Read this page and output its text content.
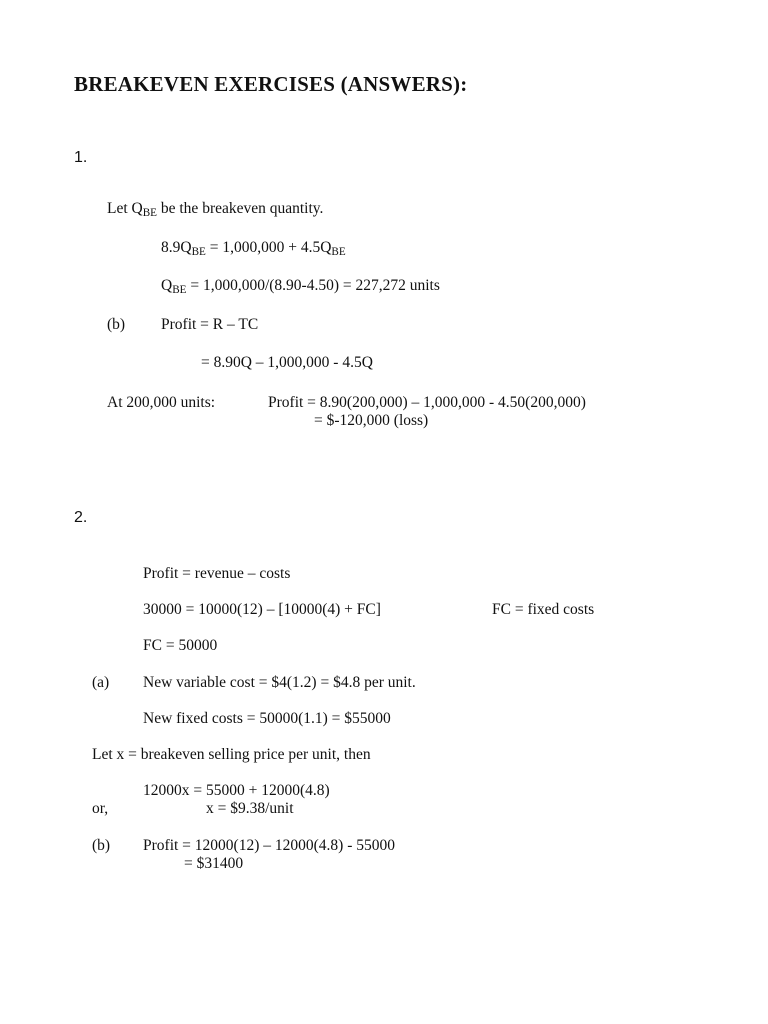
BREAKEVEN EXERCISES (ANSWERS):
1.
Let $Q_{BE}$ be the breakeven quantity.
$8.9Q_{BE} = 1,000,000 + 4.5Q_{BE}$
$Q_{BE} = 1,000,000/(8.90-4.50) = 227,272$ units
(b) Profit = R – TC
= 8.90Q – 1,000,000 - 4.5Q
At 200,000 units:	Profit = 8.90(200,000) – 1,000,000 - 4.50(200,000)
= $-120,000 (loss)
2.
Profit = revenue – costs
30000 = 10000(12) – [10000(4) + FC]	FC = fixed costs
FC = 50000
(a) New variable cost = $4(1.2) = $4.8 per unit.
New fixed costs = 50000(1.1) = $55000
Let x = breakeven selling price per unit, then
12000x = 55000 + 12000(4.8)
or,	x = $9.38/unit
(b) Profit = 12000(12) – 12000(4.8) - 55000
= $31400
